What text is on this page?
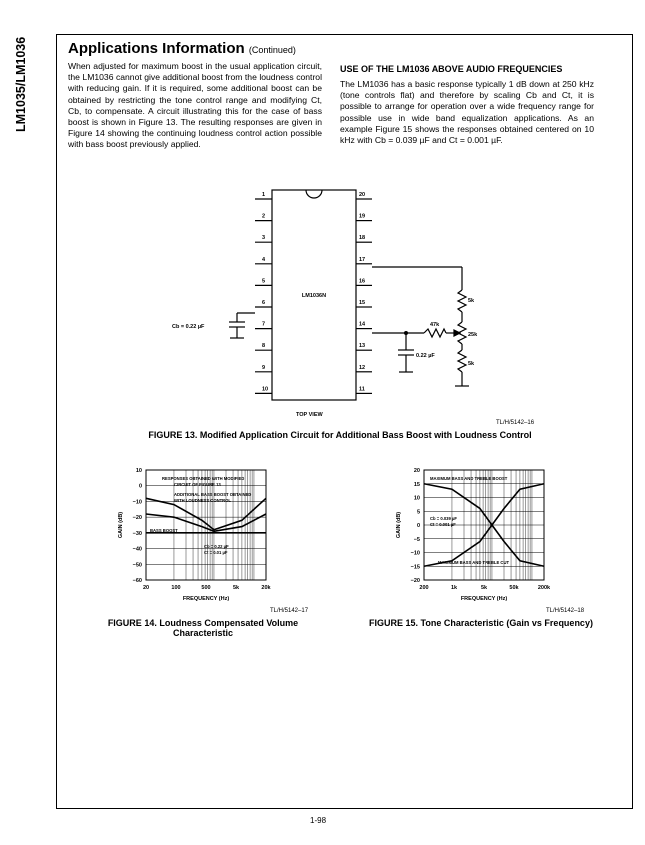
LM1035/LM1036	Applications Information (Continued)
When adjusted for maximum boost in the usual application circuit, the LM1036 cannot give additional boost from the loudness control with reducing gain. If it is required, some additional boost can be obtained by restricting the tone control range and modifying Ct, Cb, to compensate. A circuit illustrating this for the case of bass boost is shown in Figure 13. The resulting responses are given in Figure 14 showing the continuing loudness control action possible with bass boost previously applied.
USE OF THE LM1036 ABOVE AUDIO FREQUENCIES
The LM1036 has a basic response typically 1 dB down at 250 kHz (tone controls flat) and therefore by scaling Cb and Ct, it is possible to arrange for operation over a wide frequency range for possible use in wide band equalization applications. As an example Figure 15 shows the responses obtained centered on 10 kHz with Cb = 0.039 µF and Ct = 0.001 µF.
1
2
3
4
5
6
7
8
9
10
20
19
18
17
16
15
14
13
12
11
LM1036N
Cb = 0.22 µF	47k
5k
25k
5k
0.22 µF
TOP VIEW
TL/H/5142–16
FIGURE 13. Modified Application Circuit for Additional Bass Boost with Loudness Control
10
0
−10
−20
−30
−40
−50
−60
20	100	500	5k	20k
FREQUENCY (Hz)
GAIN (dB)
RESPONSES OBTAINED WITH MODIFIED
CIRCUIT OF FIGURE 13
ADDITIONAL BASS BOOST OBTAINED
WITH LOUDNESS CONTROL
BASS BOOST
Cb = 0.22 µF
Ct = 0.01 µF
TL/H/5142–17
FIGURE 14. Loudness Compensated Volume
Characteristic
20
15
10
5
0
−5
−10
−15
−20
200	1k	5k	50k	200k
FREQUENCY (Hz)
GAIN (dB)
MAXIMUM BASS AND TREBLE BOOST
Cb = 0.039 µF
Ct = 0.001 µF
MAXIMUM BASS AND TREBLE CUT
TL/H/5142–18
FIGURE 15. Tone Characteristic (Gain vs Frequency)
1-98
